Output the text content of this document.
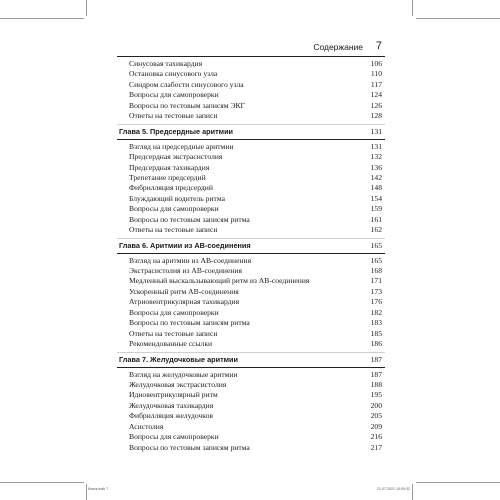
Содержание 7
Синусовая тахикардия	106
Остановка синусового узла	110
Синдром слабости синусового узла	117
Вопросы для самопроверки	124
Вопросы по тестовым записям ЭКГ	126
Ответы на тестовые записи	128
Глава 5. Предсердные аритмии	131
Взгляд на предсердные аритмии	131
Предсердная экстрасистолия	132
Предсердная тахикардия	136
Трепетание предсердий	142
Фибрилляция предсердий	148
Блуждающий водитель ритма	154
Вопросы для самопроверки	159
Вопросы по тестовым записям ритма	161
Ответы на тестовые записи	162
Глава 6. Аритмии из АВ-соединения	165
Взгляд на аритмии из АВ-соединения	165
Экстрасистолия из АВ-соединения	168
Медленный выскальзывающий ритм из АВ-соединения	171
Ускоренный ритм АВ-соединения	173
Атриовентрикулярная тахикардия	176
Вопросы для самопроверки	182
Вопросы по тестовым записям ритма	183
Ответы на тестовые записи	185
Рекомендованные ссылки	186
Глава 7. Желудочковые аритмии	187
Взгляд на желудочковые аритмии	187
Желудочковая экстрасистолия	188
Идиовентрикулярный ритм	195
Желудочковая тахикардия	200
Фибрилляция желудочков	205
Асистолия	209
Вопросы для самопроверки	216
Вопросы по тестовым записям ритма	217
Книга.indb 7	21.07.2021 10:09:32
